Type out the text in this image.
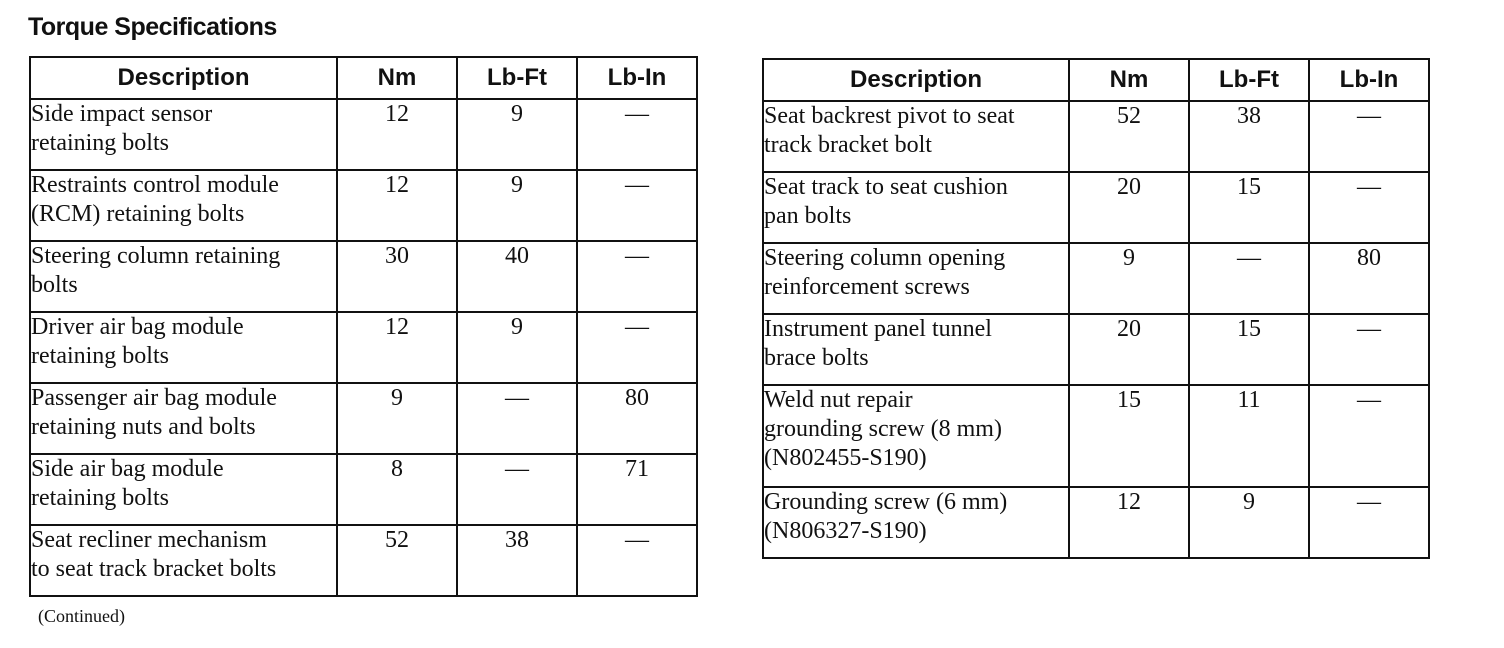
Torque Specifications
Description	Nm	Lb-Ft	Lb-In

Side impact sensor
retaining bolts	12	9	—

Restraints control module
(RCM) retaining bolts	12	9	—

Steering column retaining
bolts	30	40	—

Driver air bag module
retaining bolts	12	9	—

Passenger air bag module
retaining nuts and bolts	9	—	80

Side air bag module
retaining bolts	8	—	71

Seat recliner mechanism
to seat track bracket bolts	52	38	—
Description	Nm	Lb-Ft	Lb-In

Seat backrest pivot to seat
track bracket bolt	52	38	—

Seat track to seat cushion
pan bolts	20	15	—

Steering column opening
reinforcement screws	9	—	80

Instrument panel tunnel
brace bolts	20	15	—

Weld nut repair
grounding screw (8 mm)
(N802455-S190)	15	11	—

Grounding screw (6 mm)
(N806327-S190)	12	9	—
(Continued)
